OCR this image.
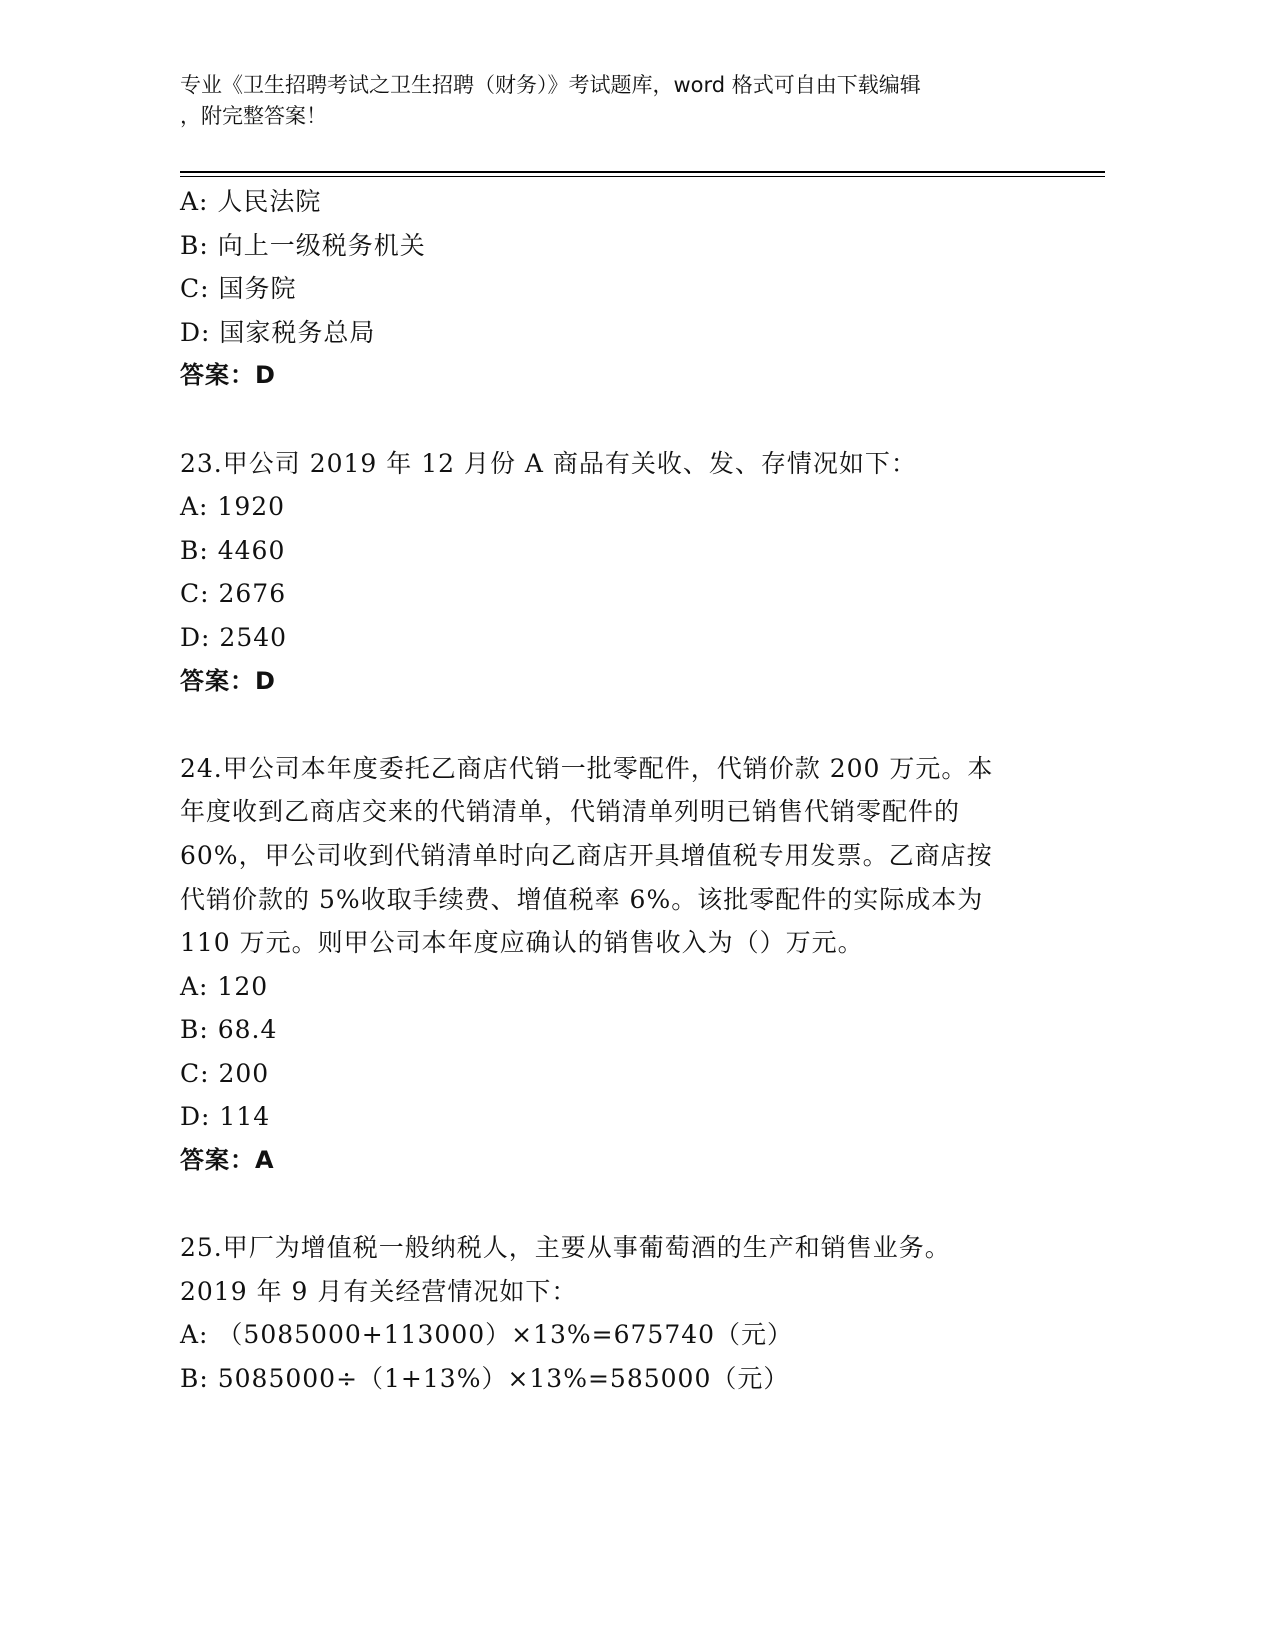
专业《卫生招聘考试之卫生招聘（财务）》考试题库，word 格式可自由下载编辑
，附完整答案！
A: 人民法院
B: 向上一级税务机关
C: 国务院
D: 国家税务总局
答案：D
23.甲公司 2019 年 12 月份 A 商品有关收、发、存情况如下：
A: 1920
B: 4460
C: 2676
D: 2540
答案：D
24.甲公司本年度委托乙商店代销一批零配件，代销价款 200 万元。本
年度收到乙商店交来的代销清单，代销清单列明已销售代销零配件的
60%，甲公司收到代销清单时向乙商店开具增值税专用发票。乙商店按
代销价款的 5%收取手续费、增值税率 6%。该批零配件的实际成本为
110 万元。则甲公司本年度应确认的销售收入为（）万元。
A: 120
B: 68.4
C: 200
D: 114
答案：A
25.甲厂为增值税一般纳税人，主要从事葡萄酒的生产和销售业务。
2019 年 9 月有关经营情况如下：
A: （5085000+113000）×13%=675740（元）
B: 5085000÷（1+13%）×13%=585000（元）
